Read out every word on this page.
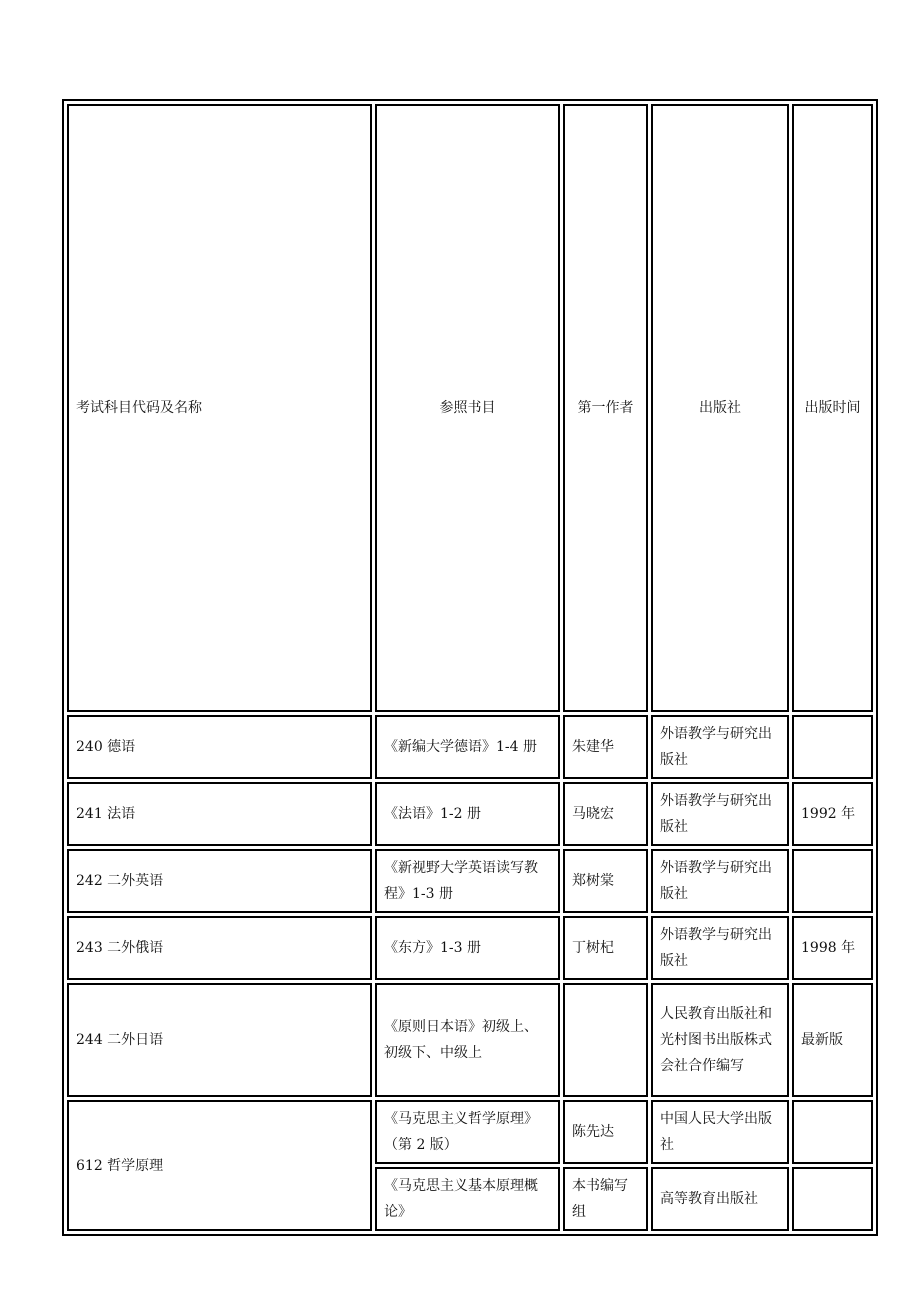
考试科目代码及名称	参照书目	第一作者	出版社	出版时间
240 德语	《新编大学德语》1-4 册	朱建华	外语教学与研究出版社	
241 法语	《法语》1-2 册	马晓宏	外语教学与研究出版社	1992 年
242 二外英语	《新视野大学英语读写教程》1-3 册	郑树棠	外语教学与研究出版社	
243 二外俄语	《东方》1-3 册	丁树杞	外语教学与研究出版社	1998 年
244 二外日语	《原则日本语》初级上、初级下、中级上		人民教育出版社和光村图书出版株式会社合作编写	最新版
612 哲学原理	《马克思主义哲学原理》（第 2 版）	陈先达	中国人民大学出版社	
	《马克思主义基本原理概论》	本书编写组	高等教育出版社	
